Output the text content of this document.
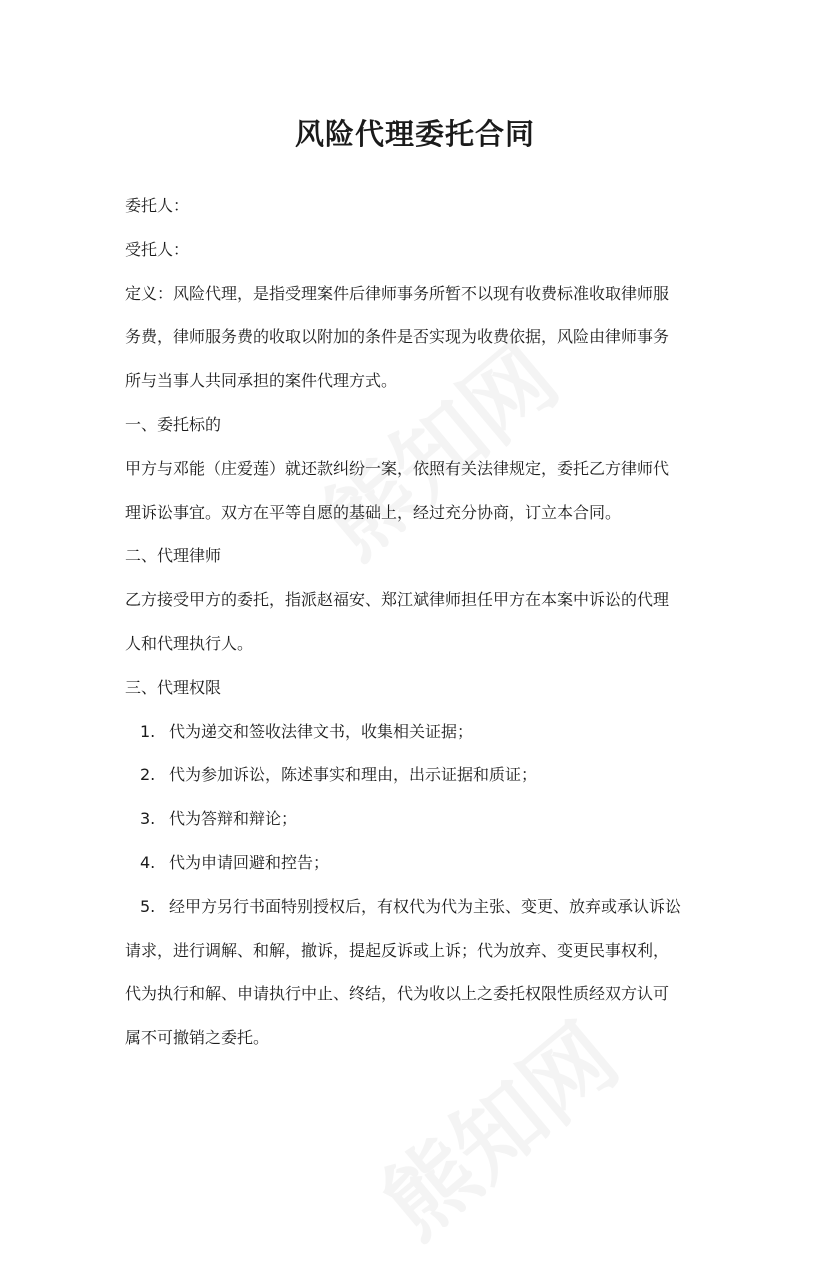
风险代理委托合同
委托人：
受托人：
定义：风险代理，是指受理案件后律师事务所暂不以现有收费标准收取律师服
务费，律师服务费的收取以附加的条件是否实现为收费依据，风险由律师事务
所与当事人共同承担的案件代理方式。
一、委托标的
甲方与邓能（庄爱莲）就还款纠纷一案，依照有关法律规定，委托乙方律师代
理诉讼事宜。双方在平等自愿的基础上，经过充分协商，订立本合同。
二、代理律师
乙方接受甲方的委托，指派赵福安、郑江斌律师担任甲方在本案中诉讼的代理
人和代理执行人。
三、代理权限
1. 代为递交和签收法律文书，收集相关证据；
2. 代为参加诉讼，陈述事实和理由，出示证据和质证；
3. 代为答辩和辩论；
4. 代为申请回避和控告；
5. 经甲方另行书面特别授权后，有权代为代为主张、变更、放弃或承认诉讼
请求，进行调解、和解，撤诉，提起反诉或上诉；代为放弃、变更民事权利，
代为执行和解、申请执行中止、终结，代为收以上之委托权限性质经双方认可
属不可撤销之委托。
